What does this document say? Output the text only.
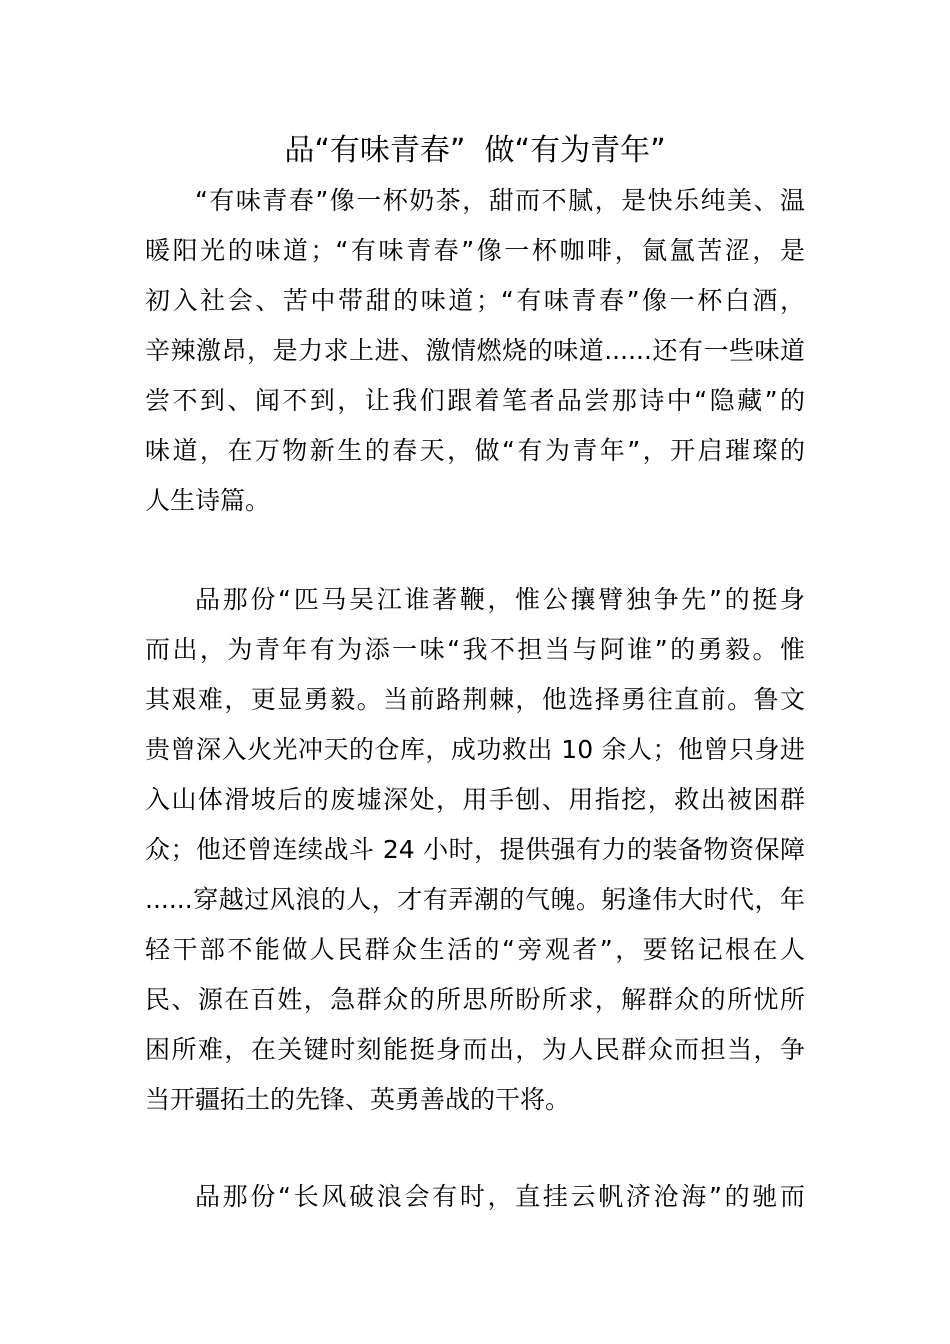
品“有味青春”  做“有为青年”
“有味青春”像一杯奶茶，甜而不腻，是快乐纯美、温
暖阳光的味道；“有味青春”像一杯咖啡，氤氲苦涩，是
初入社会、苦中带甜的味道；“有味青春”像一杯白酒，
辛辣激昂，是力求上进、激情燃烧的味道......还有一些味道
尝不到、闻不到，让我们跟着笔者品尝那诗中“隐藏”的
味道，在万物新生的春天，做“有为青年”，开启璀璨的
人生诗篇。
品那份“匹马吴江谁著鞭，惟公攘臂独争先”的挺身
而出，为青年有为添一味“我不担当与阿谁”的勇毅。惟
其艰难，更显勇毅。当前路荆棘，他选择勇往直前。鲁文
贵曾深入火光冲天的仓库，成功救出 10 余人；他曾只身进
入山体滑坡后的废墟深处，用手刨、用指挖，救出被困群
众；他还曾连续战斗 24 小时，提供强有力的装备物资保障
......穿越过风浪的人，才有弄潮的气魄。躬逢伟大时代，年
轻干部不能做人民群众生活的“旁观者”，要铭记根在人
民、源在百姓，急群众的所思所盼所求，解群众的所忧所
困所难，在关键时刻能挺身而出，为人民群众而担当，争
当开疆拓土的先锋、英勇善战的干将。
品那份“长风破浪会有时，直挂云帆济沧海”的驰而
